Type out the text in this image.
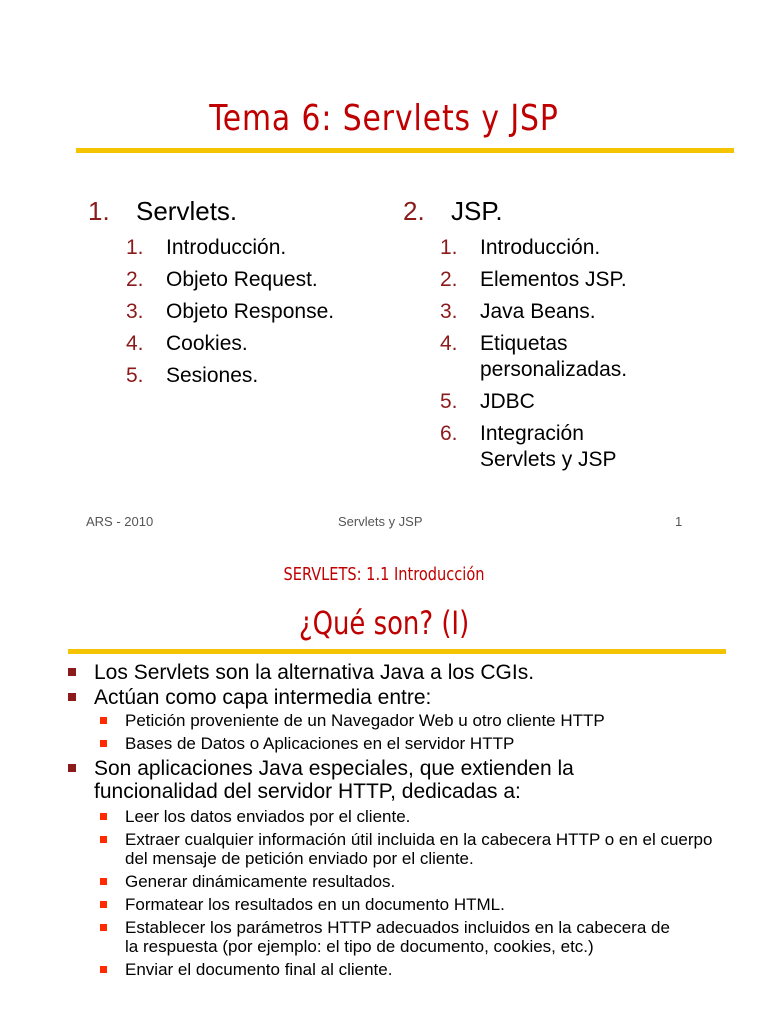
Tema 6: Servlets y JSP
1.	Servlets.
1.	Introducción.
2.	Objeto Request.
3.	Objeto Response.
4.	Cookies.
5.	Sesiones.
2.	JSP.
1.	Introducción.
2.	Elementos JSP.
3.	Java Beans.
4.	Etiquetas personalizadas.
5.	JDBC
6.	Integración Servlets y JSP
ARS - 2010	Servlets y JSP	1
SERVLETS: 1.1 Introducción
¿Qué son? (I)
Los Servlets son la alternativa Java a los CGIs.
Actúan como capa intermedia entre:
Petición proveniente de un Navegador Web u otro cliente HTTP
Bases de Datos o Aplicaciones en el servidor HTTP
Son aplicaciones Java especiales, que extienden la funcionalidad del servidor HTTP, dedicadas a:
Leer los datos enviados por el cliente.
Extraer cualquier información útil incluida en la cabecera HTTP o en el cuerpo del mensaje de petición enviado por el cliente.
Generar dinámicamente resultados.
Formatear los resultados en un documento HTML.
Establecer los parámetros HTTP adecuados incluidos en la cabecera de la respuesta (por ejemplo: el tipo de documento, cookies, etc.)
Enviar el documento final al cliente.
